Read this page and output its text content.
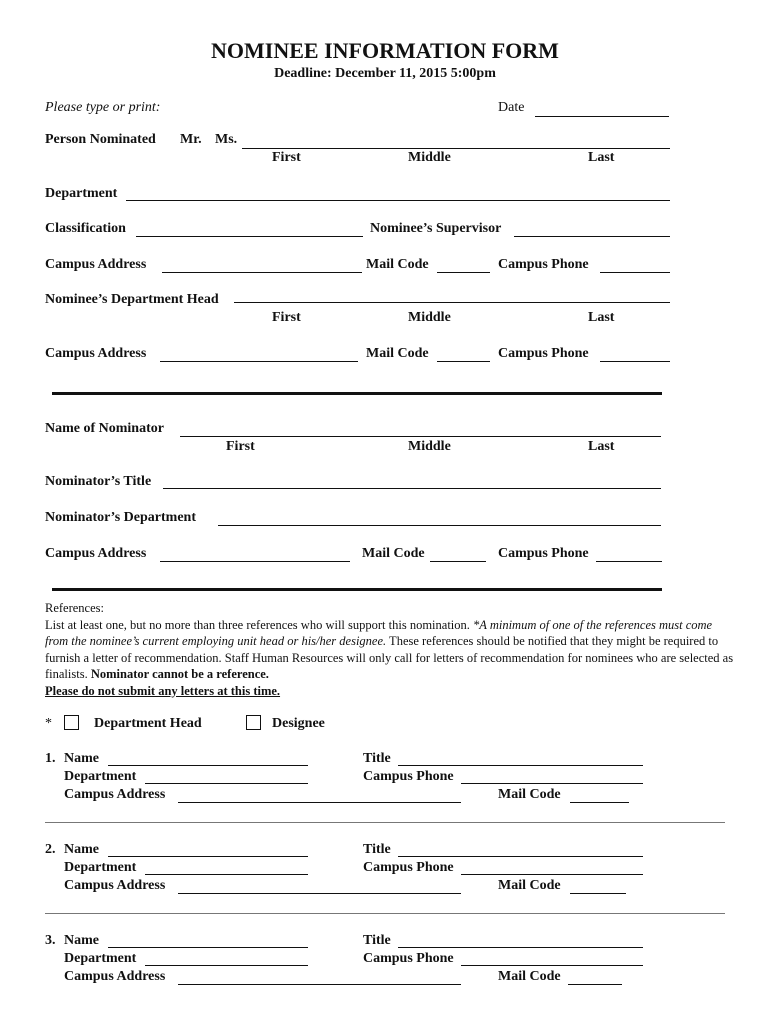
NOMINEE INFORMATION FORM
Deadline: December 11, 2015 5:00pm
Please type or print:	Date
Person Nominated Mr. Ms.
First	Middle	Last
Department
Classification	Nominee’s Supervisor
Campus Address	Mail Code	Campus Phone
Nominee’s Department Head
First	Middle	Last
Campus Address	Mail Code	Campus Phone
Name of Nominator
First	Middle	Last
Nominator’s Title
Nominator’s Department
Campus Address	Mail Code	Campus Phone

References:

List at least one, but no more than three references who will support this nomination. *A minimum of one of the references must come from the nominee’s current employing unit head or his/her designee. These references should be notified that they might be required to furnish a letter of recommendation. Staff Human Resources will only call for letters of recommendation for nominees who are selected as finalists. Nominator cannot be a reference.

Please do not submit any letters at this time.

*	Department Head	Designee
1. Name	Title
Department	Campus Phone
Campus Address	Mail Code
2. Name	Title
Department	Campus Phone
Campus Address	Mail Code
3. Name	Title
Department	Campus Phone
Campus Address	Mail Code
